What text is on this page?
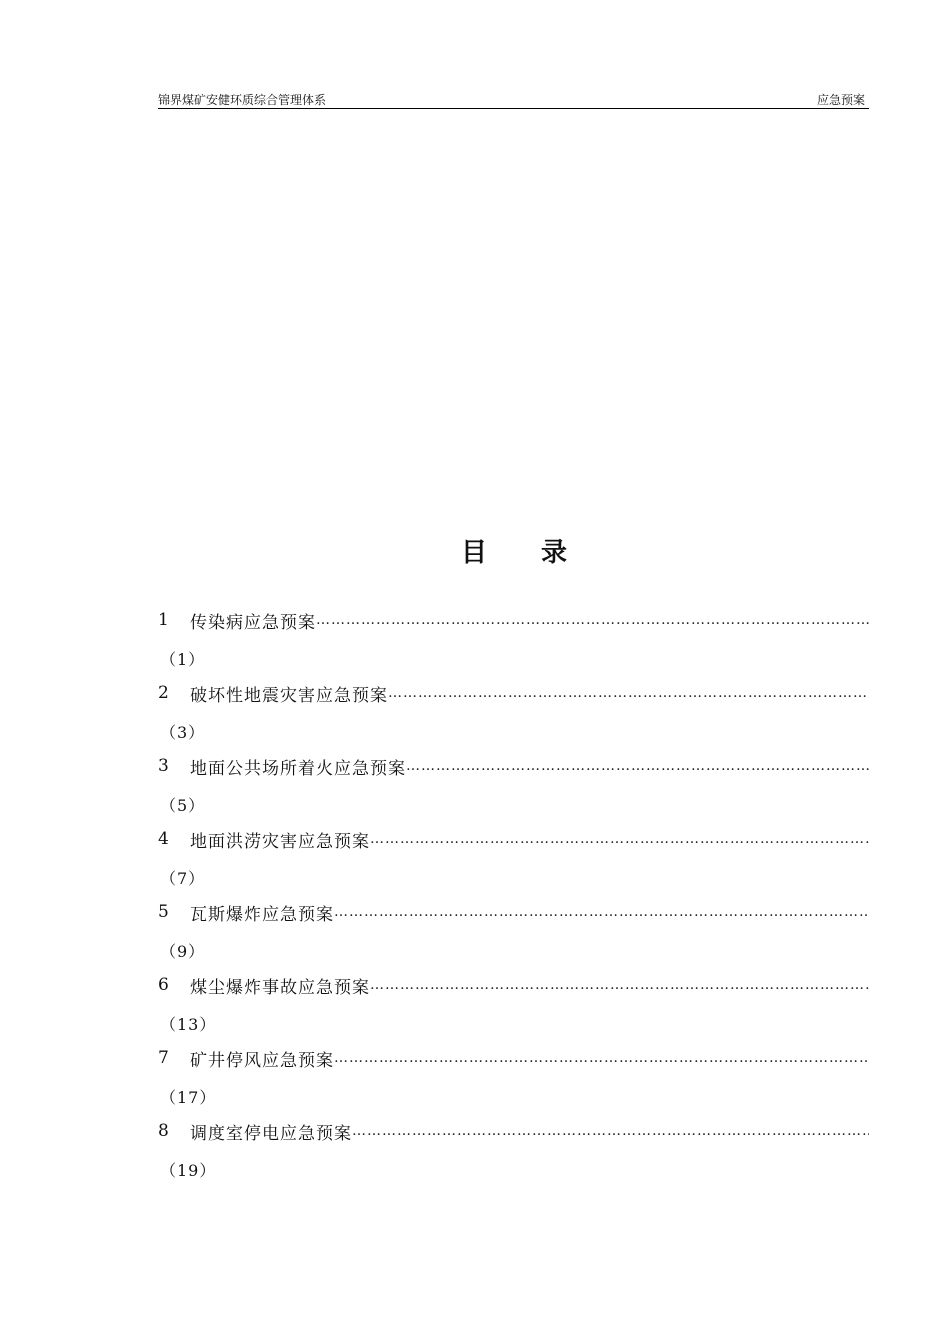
锦界煤矿安健环质综合管理体系	应急预案
目 录
1	传染病应急预案
……………………………………………………………………………………………………………………………………
（1）
2	破坏性地震灾害应急预案
……………………………………………………………………………………………………………………………………
（3）
3	地面公共场所着火应急预案
……………………………………………………………………………………………………………………………………
（5）
4	地面洪涝灾害应急预案
……………………………………………………………………………………………………………………………………
（7）
5	瓦斯爆炸应急预案
……………………………………………………………………………………………………………………………………
（9）
6	煤尘爆炸事故应急预案
……………………………………………………………………………………………………………………………………
（13）
7	矿井停风应急预案
……………………………………………………………………………………………………………………………………
（17）
8	调度室停电应急预案
……………………………………………………………………………………………………………………………………
（19）
